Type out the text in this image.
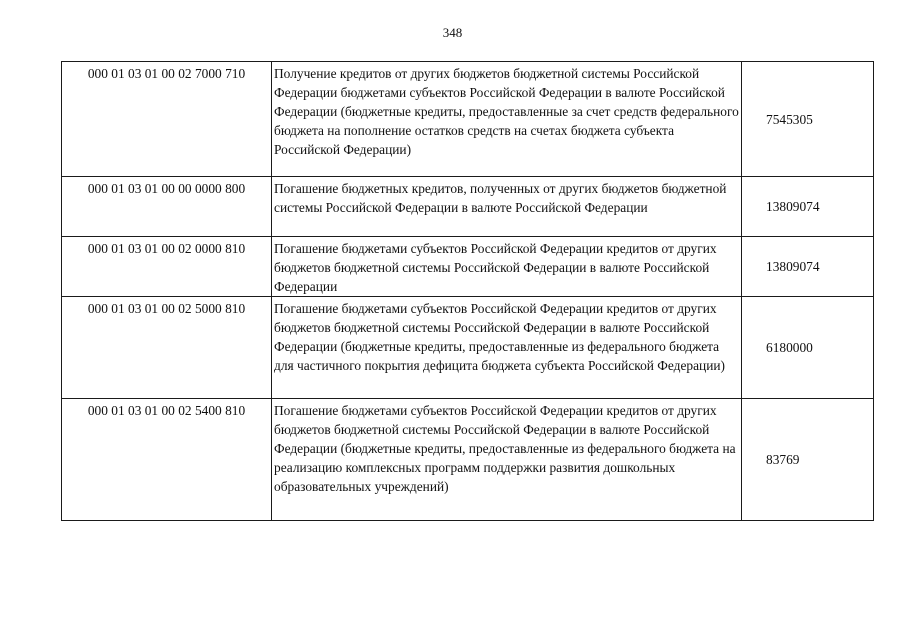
348
000 01 03 01 00 02 7000 710	Получение кредитов от других бюджетов бюджетной системы Российской Федерации бюджетами субъектов Российской Федерации в валюте Российской Федерации (бюджетные кредиты, предоставленные за счет средств федерального бюджета на пополнение остатков средств на счетах бюджета субъекта Российской Федерации)	7545305
000 01 03 01 00 00 0000 800	Погашение бюджетных кредитов, полученных от других бюджетов бюджетной системы Российской Федерации в валюте Российской Федерации	13809074
000 01 03 01 00 02 0000 810	Погашение бюджетами субъектов Российской Федерации кредитов от других бюджетов бюджетной системы Российской Федерации в валюте Российской Федерации	13809074
000 01 03 01 00 02 5000 810	Погашение бюджетами субъектов Российской Федерации кредитов от других бюджетов бюджетной системы Российской Федерации в валюте Российской Федерации (бюджетные кредиты, предоставленные из федерального бюджета для частичного покрытия дефицита бюджета субъекта Российской Федерации)	6180000
000 01 03 01 00 02 5400 810	Погашение бюджетами субъектов Российской Федерации кредитов от других бюджетов бюджетной системы Российской Федерации в валюте Российской Федерации (бюджетные кредиты, предоставленные из федерального бюджета на реализацию комплексных программ поддержки развития дошкольных образовательных учреждений)	83769
